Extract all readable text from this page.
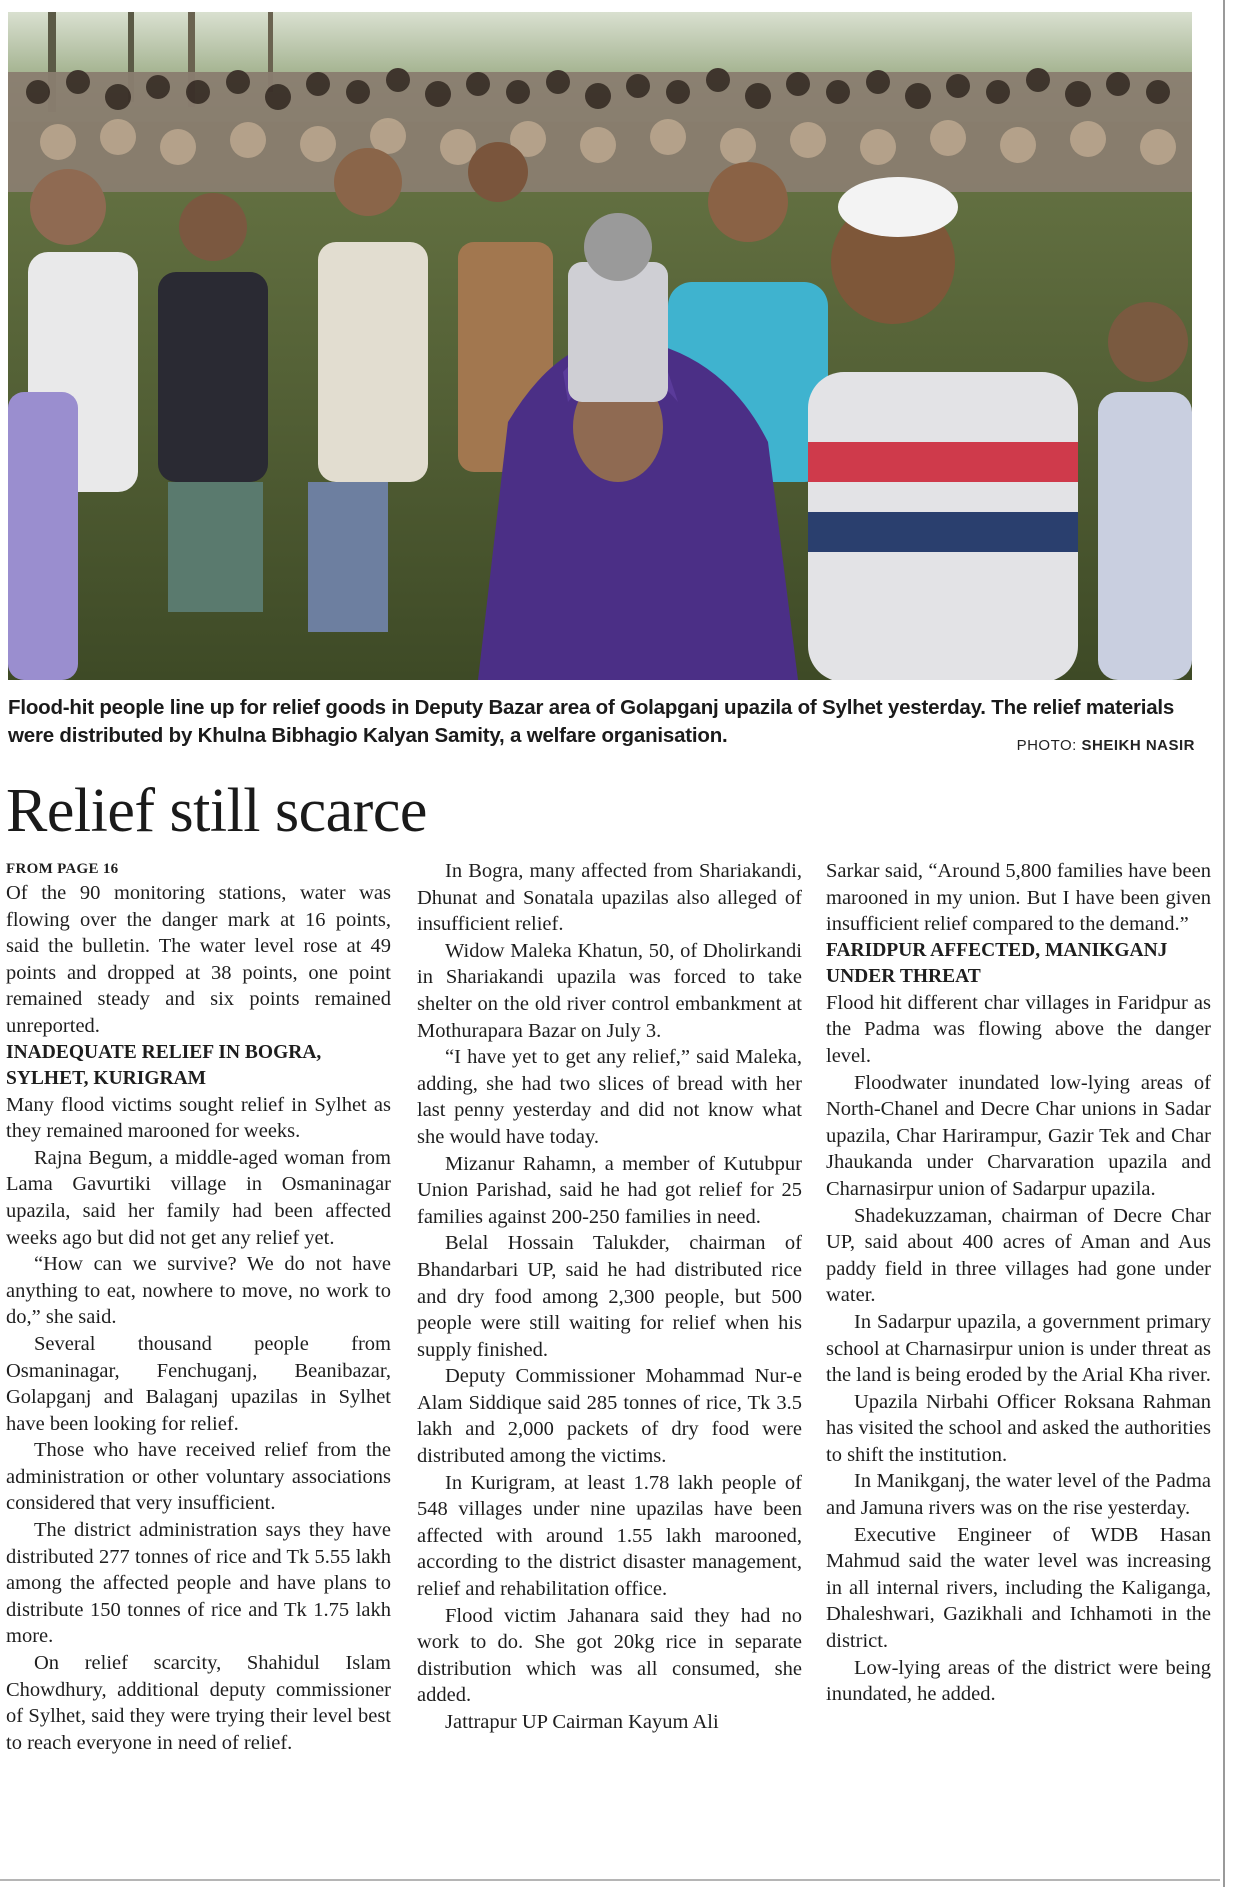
Flood-hit people line up for relief goods in Deputy Bazar area of Golapganj upazila of Sylhet yesterday. The relief materials were distributed by Khulna Bibhagio Kalyan Samity, a welfare organisation.	PHOTO: SHEIKH NASIR
Relief still scarce
FROM PAGE 16

Of the 90 monitoring stations, water was flowing over the danger mark at 16 points, said the bulletin. The water level rose at 49 points and dropped at 38 points, one point remained steady and six points remained unreported.

INADEQUATE RELIEF IN BOGRA, SYLHET, KURIGRAM

Many flood victims sought relief in Sylhet as they remained marooned for weeks.

Rajna Begum, a middle-aged woman from Lama Gavurtiki village in Osmaninagar upazila, said her family had been affected weeks ago but did not get any relief yet.

“How can we survive? We do not have anything to eat, nowhere to move, no work to do,” she said.

Several thousand people from Osmaninagar, Fenchuganj, Beanibazar, Golapganj and Balaganj upazilas in Sylhet have been looking for relief.

Those who have received relief from the administration or other voluntary associations considered that very insufficient.

The district administration says they have distributed 277 tonnes of rice and Tk 5.55 lakh among the affected people and have plans to distribute 150 tonnes of rice and Tk 1.75 lakh more.

On relief scarcity, Shahidul Islam Chowdhury, additional deputy commissioner of Sylhet, said they were trying their level best to reach everyone in need of relief.

In Bogra, many affected from Shariakandi, Dhunat and Sonatala upazilas also alleged of insufficient relief.

Widow Maleka Khatun, 50, of Dholirkandi in Shariakandi upazila was forced to take shelter on the old river control embankment at Mothurapara Bazar on July 3.

“I have yet to get any relief,” said Maleka, adding, she had two slices of bread with her last penny yesterday and did not know what she would have today.

Mizanur Rahamn, a member of Kutubpur Union Parishad, said he had got relief for 25 families against 200-250 families in need.

Belal Hossain Talukder, chairman of Bhandarbari UP, said he had distributed rice and dry food among 2,300 people, but 500 people were still waiting for relief when his supply finished.

Deputy Commissioner Mohammad Nur-e Alam Siddique said 285 tonnes of rice, Tk 3.5 lakh and 2,000 packets of dry food were distributed among the victims.

In Kurigram, at least 1.78 lakh people of 548 villages under nine upazilas have been affected with around 1.55 lakh marooned, according to the district disaster management, relief and rehabilitation office.

Flood victim Jahanara said they had no work to do. She got 20kg rice in separate distribution which was all consumed, she added.

Jattrapur UP Cairman Kayum Ali

Sarkar said, “Around 5,800 families have been marooned in my union. But I have been given insufficient relief compared to the demand.”

FARIDPUR AFFECTED, MANIKGANJ UNDER THREAT

Flood hit different char villages in Faridpur as the Padma was flowing above the danger level.

Floodwater inundated low-lying areas of North-Chanel and Decre Char unions in Sadar upazila, Char Harirampur, Gazir Tek and Char Jhaukanda under Charvaration upazila and Charnasirpur union of Sadarpur upazila.

Shadekuzzaman, chairman of Decre Char UP, said about 400 acres of Aman and Aus paddy field in three villages had gone under water.

In Sadarpur upazila, a government primary school at Charnasirpur union is under threat as the land is being eroded by the Arial Kha river.

Upazila Nirbahi Officer Roksana Rahman has visited the school and asked the authorities to shift the institution.

In Manikganj, the water level of the Padma and Jamuna rivers was on the rise yesterday.

Executive Engineer of WDB Hasan Mahmud said the water level was increasing in all internal rivers, including the Kaliganga, Dhaleshwari, Gazikhali and Ichhamoti in the district.

Low-lying areas of the district were being inundated, he added.
